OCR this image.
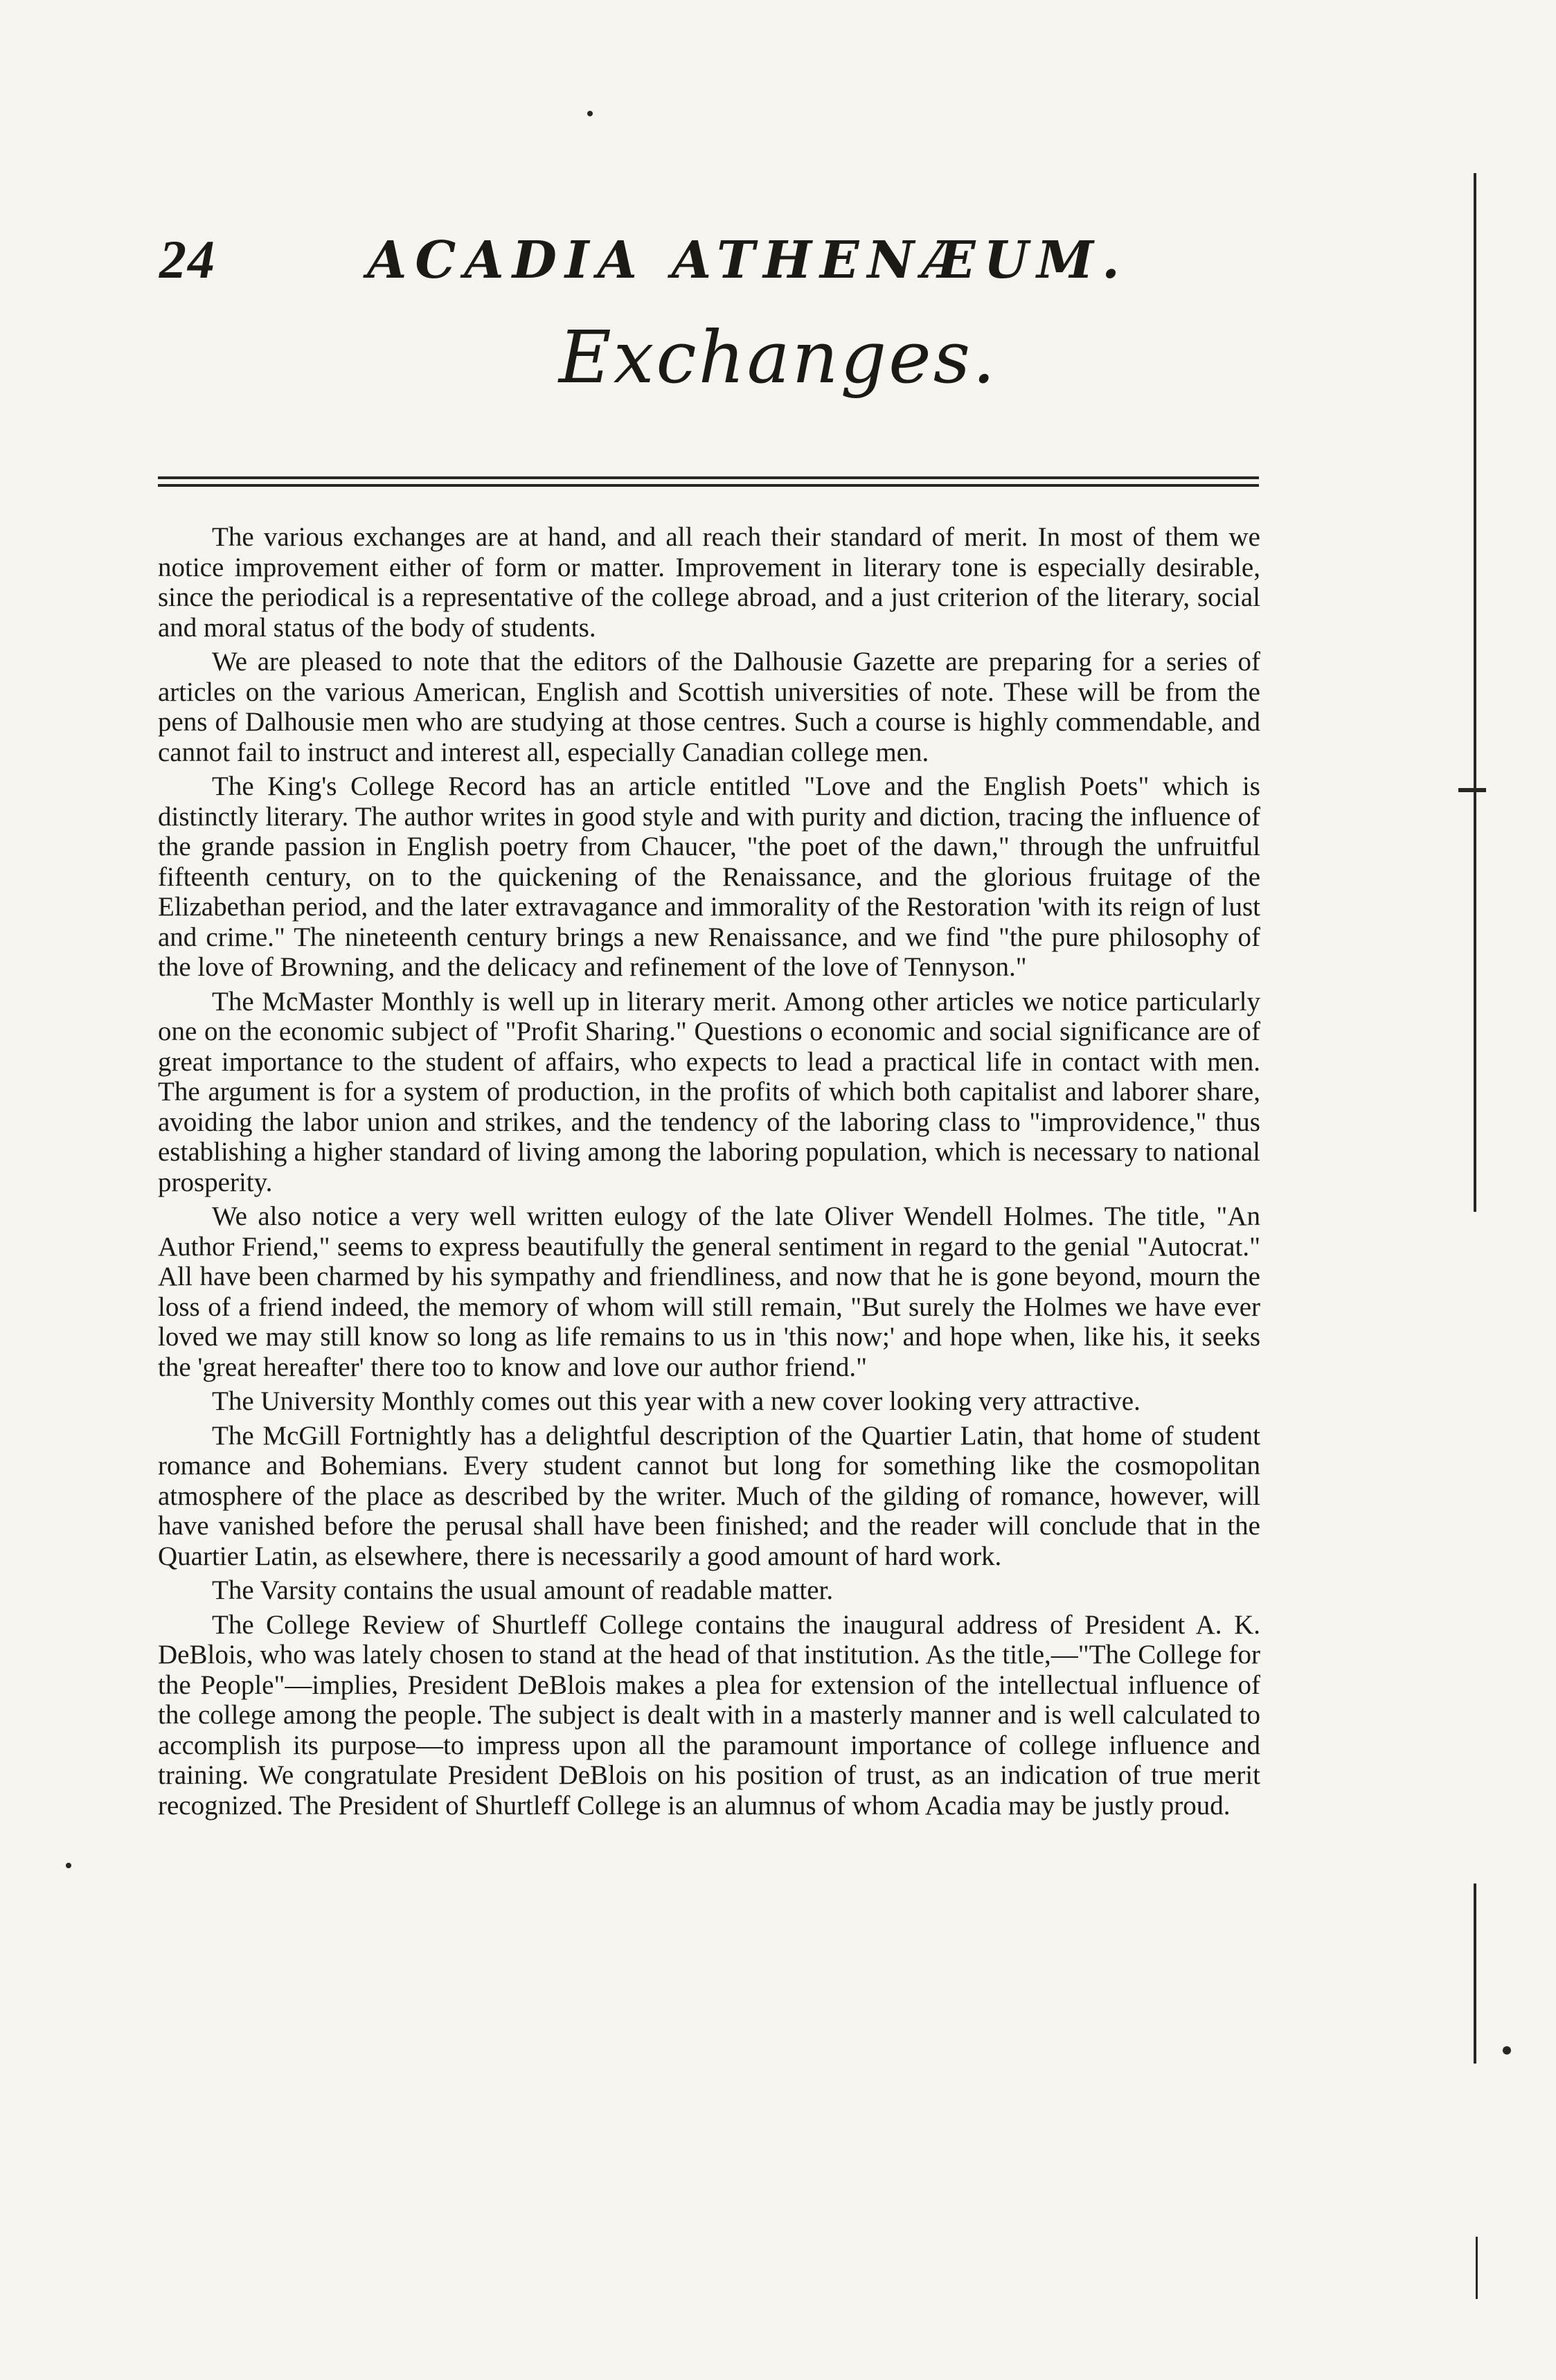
24	ACADIA ATHENÆUM.
Exchanges.

The various exchanges are at hand, and all reach their standard of merit. In most of them we notice improvement either of form or matter. Improvement in literary tone is especially desirable, since the periodical is a representative of the college abroad, and a just criterion of the literary, social and moral status of the body of students.

We are pleased to note that the editors of the Dalhousie Gazette are preparing for a series of articles on the various American, English and Scottish universities of note. These will be from the pens of Dalhousie men who are studying at those centres. Such a course is highly commendable, and cannot fail to instruct and interest all, especially Canadian college men.

The King's College Record has an article entitled "Love and the English Poets" which is distinctly literary. The author writes in good style and with purity and diction, tracing the influence of the grande passion in English poetry from Chaucer, "the poet of the dawn," through the unfruitful fifteenth century, on to the quickening of the Renaissance, and the glorious fruitage of the Elizabethan period, and the later extravagance and immorality of the Restoration 'with its reign of lust and crime." The nineteenth century brings a new Renaissance, and we find "the pure philosophy of the love of Browning, and the delicacy and refinement of the love of Tennyson."

The McMaster Monthly is well up in literary merit. Among other articles we notice particularly one on the economic subject of "Profit Sharing." Questions o economic and social significance are of great importance to the student of affairs, who expects to lead a practical life in contact with men. The argument is for a system of production, in the profits of which both capitalist and laborer share, avoiding the labor union and strikes, and the tendency of the laboring class to "improvidence," thus establishing a higher standard of living among the laboring population, which is necessary to national prosperity.

We also notice a very well written eulogy of the late Oliver Wendell Holmes. The title, "An Author Friend," seems to express beautifully the general sentiment in regard to the genial "Autocrat." All have been charmed by his sympathy and friendliness, and now that he is gone beyond, mourn the loss of a friend indeed, the memory of whom will still remain, "But surely the Holmes we have ever loved we may still know so long as life remains to us in 'this now;' and hope when, like his, it seeks the 'great hereafter' there too to know and love our author friend."

The University Monthly comes out this year with a new cover looking very attractive.

The McGill Fortnightly has a delightful description of the Quartier Latin, that home of student romance and Bohemians. Every student cannot but long for something like the cosmopolitan atmosphere of the place as described by the writer. Much of the gilding of romance, however, will have vanished before the perusal shall have been finished; and the reader will conclude that in the Quartier Latin, as elsewhere, there is necessarily a good amount of hard work.

The Varsity contains the usual amount of readable matter.

The College Review of Shurtleff College contains the inaugural address of President A. K. DeBlois, who was lately chosen to stand at the head of that institution. As the title,—"The College for the People"—implies, President DeBlois makes a plea for extension of the intellectual influence of the college among the people. The subject is dealt with in a masterly manner and is well calculated to accomplish its purpose—to impress upon all the paramount importance of college influence and training. We congratulate President DeBlois on his position of trust, as an indication of true merit recognized. The President of Shurtleff College is an alumnus of whom Acadia may be justly proud.
